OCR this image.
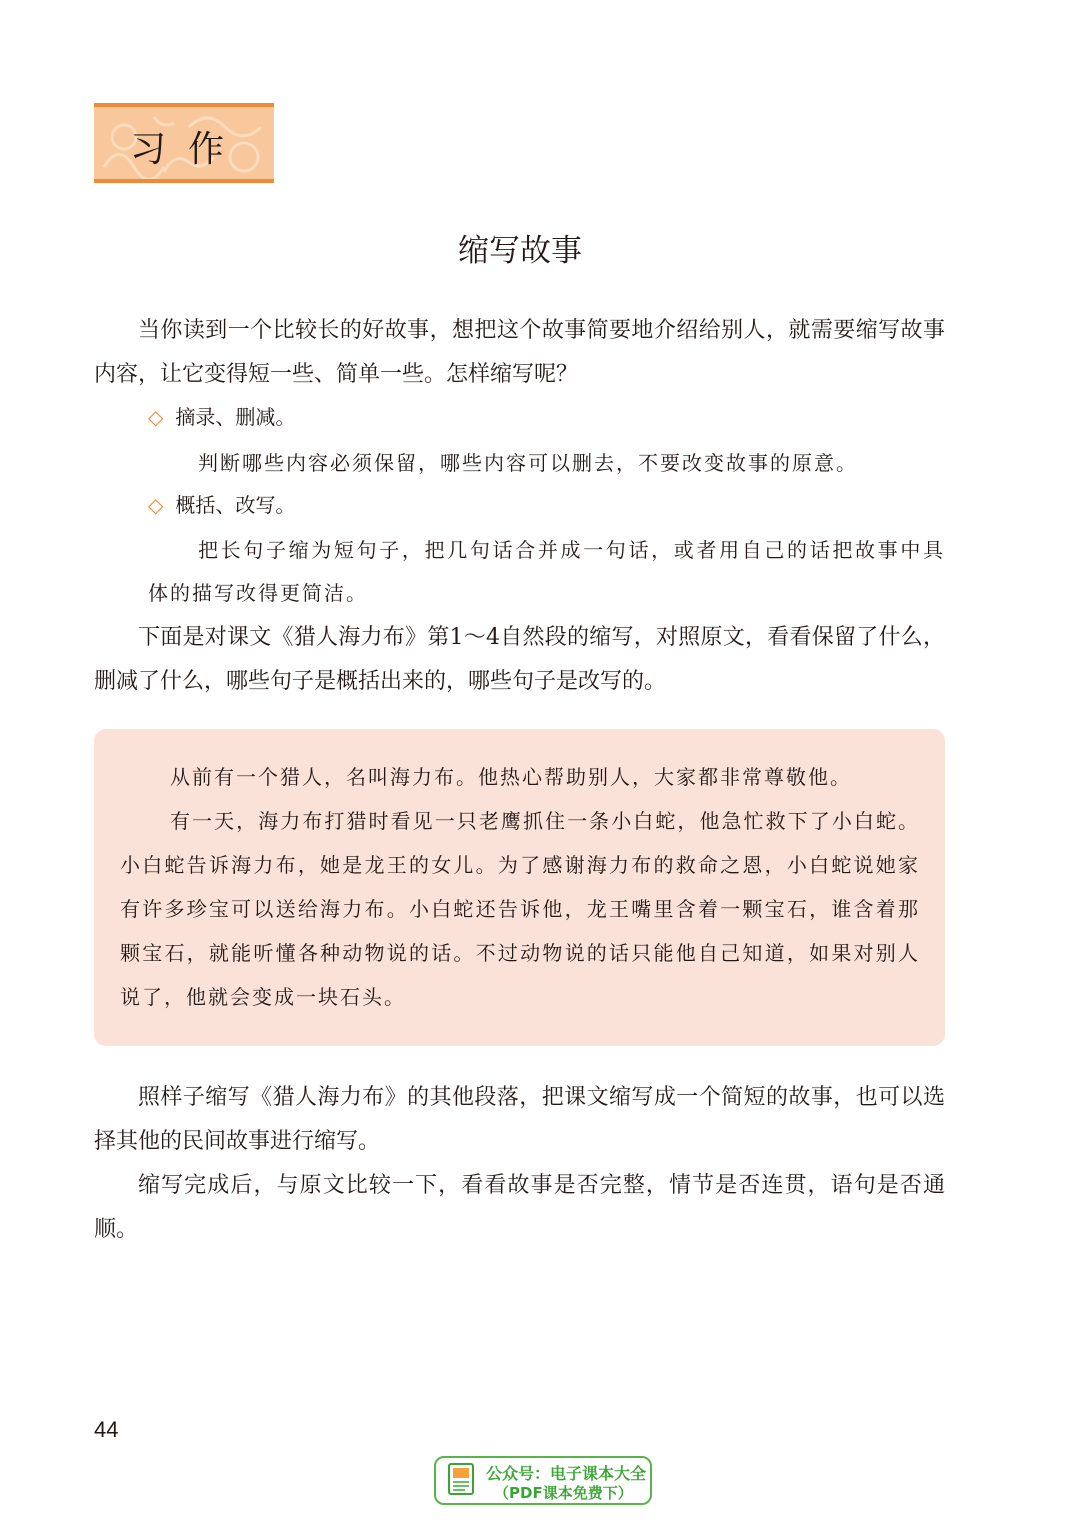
习作
缩写故事

当你读到一个比较长的好故事，想把这个故事简要地介绍给别人，就需要缩写故事内容，让它变得短一些、简单一些。怎样缩写呢？

◇ 摘录、删减。

判断哪些内容必须保留，哪些内容可以删去，不要改变故事的原意。

◇ 概括、改写。

把长句子缩为短句子，把几句话合并成一句话，或者用自己的话把故事中具体的描写改得更简洁。

下面是对课文《猎人海力布》第1～4自然段的缩写，对照原文，看看保留了什么，删减了什么，哪些句子是概括出来的，哪些句子是改写的。

从前有一个猎人，名叫海力布。他热心帮助别人，大家都非常尊敬他。

有一天，海力布打猎时看见一只老鹰抓住一条小白蛇，他急忙救下了小白蛇。小白蛇告诉海力布，她是龙王的女儿。为了感谢海力布的救命之恩，小白蛇说她家有许多珍宝可以送给海力布。小白蛇还告诉他，龙王嘴里含着一颗宝石，谁含着那颗宝石，就能听懂各种动物说的话。不过动物说的话只能他自己知道，如果对别人说了，他就会变成一块石头。

照样子缩写《猎人海力布》的其他段落，把课文缩写成一个简短的故事，也可以选择其他的民间故事进行缩写。

缩写完成后，与原文比较一下，看看故事是否完整，情节是否连贯，语句是否通顺。

44
公众号：电子课本大全
（PDF课本免费下）
